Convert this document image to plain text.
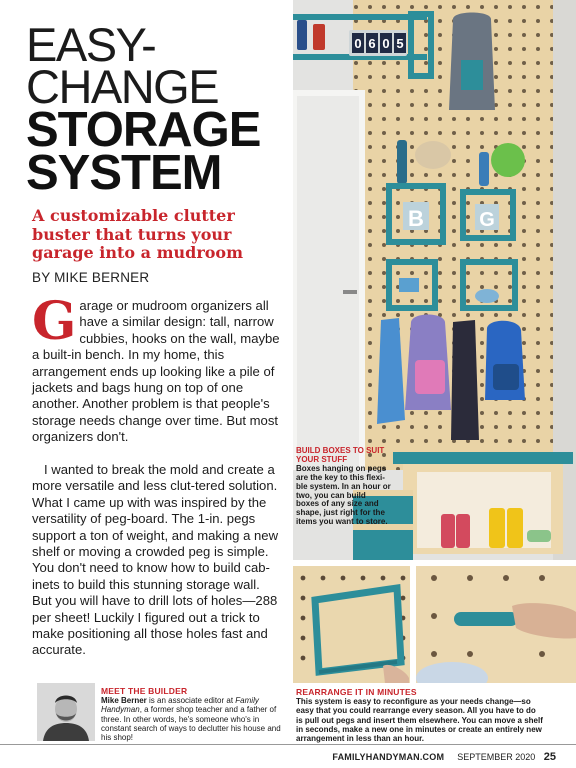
EASY-
CHANGE
STORAGE
SYSTEM
A customizable clutter buster that turns your garage into a mudroom
BY MIKE BERNER

Garage or mudroom organizers all have a similar design: tall, narrow cubbies, hooks on the wall, maybe a built-in bench. In my home, this arrangement ends up looking like a pile of jackets and bags hung on top of one another. Another problem is that people's storage needs change over time. But most organizers don't.

I wanted to break the mold and create a more versatile and less clut-tered solution. What I came up with was inspired by the versatility of peg-board. The 1-in. pegs support a ton of weight, and making a new shelf or moving a crowded peg is simple. You don't need to know how to build cab-inets to build this stunning storage wall. But you will have to drill lots of holes—288 per sheet! Luckily I figured out a trick to make positioning all those holes fast and accurate.

MEET THE BUILDER
Mike Berner is an associate editor at Family Handyman, a former shop teacher and a father of three. In other words, he's someone who's in constant search of ways to declutter his house and his shop!
0 6 0 5
B	G
BUILD BOXES TO SUIT YOUR STUFF
Boxes hanging on pegs are the key to this flexi-ble system. In an hour or two, you can build boxes of any size and shape, just right for the items you want to store.
REARRANGE IT IN MINUTES
This system is easy to reconfigure as your needs change—so easy that you could rearrange every season. All you have to do is pull out pegs and insert them elsewhere. You can move a shelf in seconds, make a new one in minutes or create an entirely new arrangement in less than an hour.
FAMILYHANDYMAN.COM SEPTEMBER 2020 25
